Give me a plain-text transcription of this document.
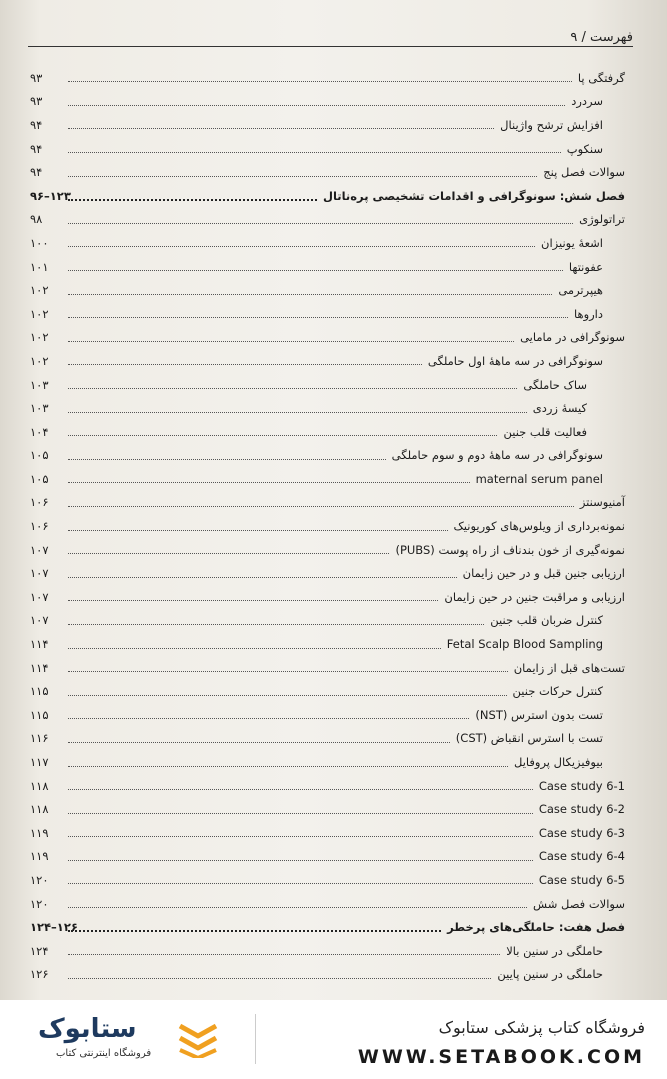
فهرست / ۹
گرفتگی پا
۹۳
سردرد
۹۳
افزایش ترشح واژینال
۹۴
سنکوپ
۹۴
سوالات فصل پنج
۹۴
فصل شش: سونوگرافی و اقدامات تشخیصی پره‌ناتال
۹۶–۱۲۳
تراتولوژی
۹۸
اشعهٔ یونیزان
۱۰۰
عفونتها
۱۰۱
هیپرترمی
۱۰۲
داروها
۱۰۲
سونوگرافی در مامایی
۱۰۲
سونوگرافی در سه ماههٔ اول حاملگی
۱۰۲
ساک حاملگی
۱۰۳
کیسهٔ زردی
۱۰۳
فعالیت قلب جنین
۱۰۴
سونوگرافی در سه ماههٔ دوم و سوم حاملگی
۱۰۵
maternal serum panel
۱۰۵
آمنیوسنتز
۱۰۶
نمونه‌برداری از ویلوس‌های کوریونیک
۱۰۶
نمونه‌گیری از خون بندناف از راه پوست (PUBS)
۱۰۷
ارزیابی جنین قبل و در حین زایمان
۱۰۷
ارزیابی و مراقبت جنین در حین زایمان
۱۰۷
کنترل ضربان قلب جنین
۱۰۷
Fetal Scalp Blood Sampling
۱۱۴
تست‌های قبل از زایمان
۱۱۴
کنترل حرکات جنین
۱۱۵
تست بدون استرس (NST)
۱۱۵
تست با استرس انقباض (CST)
۱۱۶
بیوفیزیکال پروفایل
۱۱۷
Case study 6-1
۱۱۸
Case study 6-2
۱۱۸
Case study 6-3
۱۱۹
Case study 6-4
۱۱۹
Case study 6-5
۱۲۰
سوالات فصل شش
۱۲۰
فصل هفت: حاملگی‌های پرخطر
۱۲۴–۱۲۶
حاملگی در سنین بالا
۱۲۴
حاملگی در سنین پایین
۱۲۶
ستابوک
فروشگاه اینترنتی کتاب
فروشگاه کتاب پزشکی ستابوک
WWW.SETABOOK.COM
